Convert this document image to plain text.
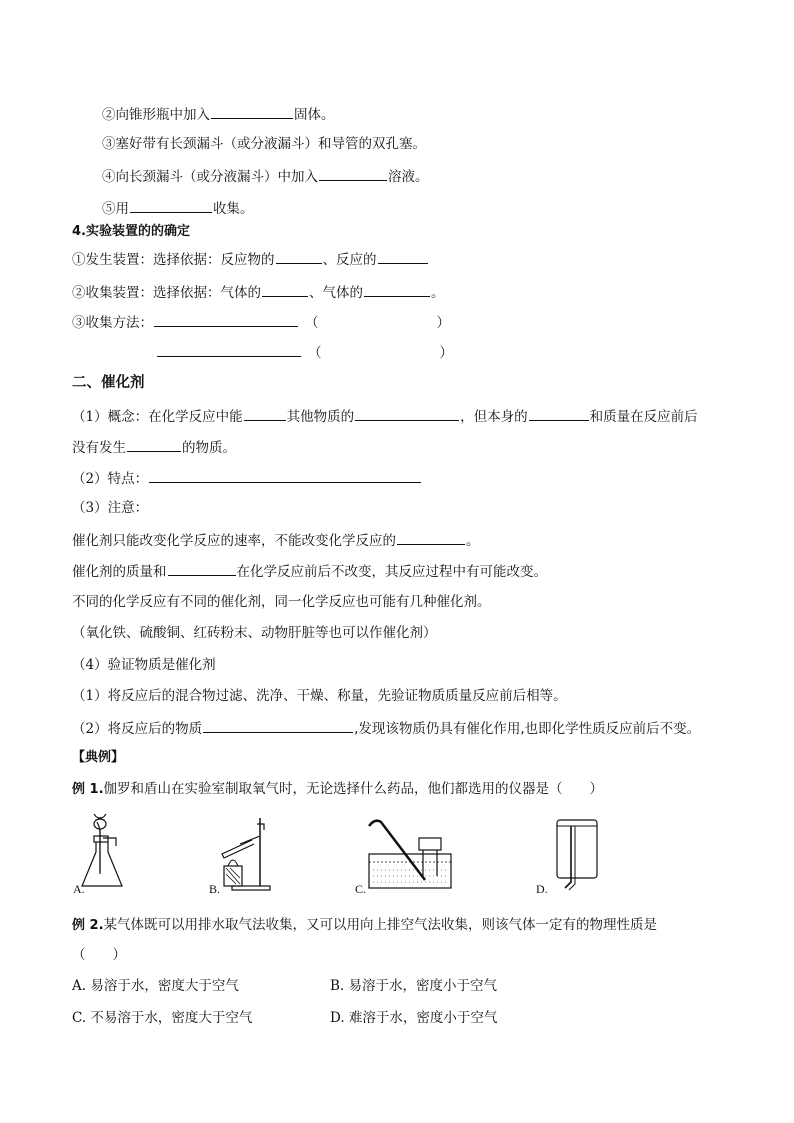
②向锥形瓶中加入	固体。
③塞好带有长颈漏斗（或分液漏斗）和导管的双孔塞。
④向长颈漏斗（或分液漏斗）中加入	溶液。
⑤用	收集。
4.实验装置的的确定
①发生装置：选择依据：反应物的	、反应的
②收集装置：选择依据：气体的	、气体的	。
③收集方法：	（	）
（	）
二、催化剂
（1）概念：在化学反应中能	其他物质的	，但本身的	和质量在反应前后
没有发生	的物质。
（2）特点：
（3）注意：
催化剂只能改变化学反应的速率，不能改变化学反应的	。
催化剂的质量和	在化学反应前后不改变，其反应过程中有可能改变。
不同的化学反应有不同的催化剂，同一化学反应也可能有几种催化剂。
（氧化铁、硫酸铜、红砖粉末、动物肝脏等也可以作催化剂）
（4）验证物质是催化剂
（1）将反应后的混合物过滤、洗净、干燥、称量，先验证物质质量反应前后相等。
（2）将反应后的物质	,发现该物质仍具有催化作用,也即化学性质反应前后不变。
【典例】
例 1.伽罗和盾山在实验室制取氧气时，无论选择什么药品，他们都选用的仪器是（　　）
A.	B.	C.	D.
例 2.某气体既可以用排水取气法收集，又可以用向上排空气法收集，则该气体一定有的物理性质是
（　　）
A. 易溶于水，密度大于空气	B. 易溶于水，密度小于空气
C. 不易溶于水，密度大于空气	D. 难溶于水，密度小于空气
